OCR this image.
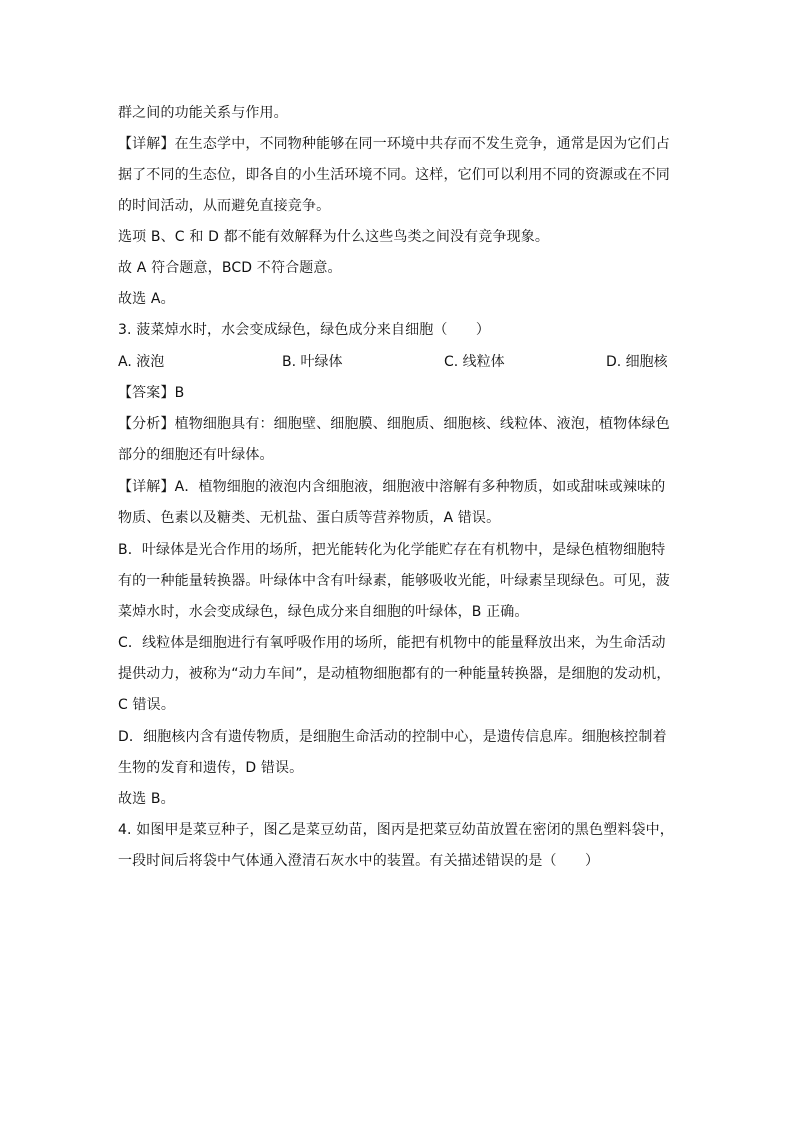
群之间的功能关系与作用。
【详解】在生态学中，不同物种能够在同一环境中共存而不发生竞争，通常是因为它们占
据了不同的生态位，即各自的小生活环境不同。这样，它们可以利用不同的资源或在不同
的时间活动，从而避免直接竞争。
选项 B、C 和 D 都不能有效解释为什么这些鸟类之间没有竞争现象。
故 A 符合题意，BCD 不符合题意。
故选 A。
3. 菠菜焯水时，水会变成绿色，绿色成分来自细胞（　　）
A. 液泡	B. 叶绿体	C. 线粒体	D. 细胞核
【答案】B
【分析】植物细胞具有：细胞壁、细胞膜、细胞质、细胞核、线粒体、液泡，植物体绿色
部分的细胞还有叶绿体。
【详解】A．植物细胞的液泡内含细胞液，细胞液中溶解有多种物质，如或甜味或辣味的
物质、色素以及糖类、无机盐、蛋白质等营养物质，A 错误。
B．叶绿体是光合作用的场所，把光能转化为化学能贮存在有机物中，是绿色植物细胞特
有的一种能量转换器。叶绿体中含有叶绿素，能够吸收光能，叶绿素呈现绿色。可见，菠
菜焯水时，水会变成绿色，绿色成分来自细胞的叶绿体，B 正确。
C．线粒体是细胞进行有氧呼吸作用的场所，能把有机物中的能量释放出来，为生命活动
提供动力，被称为“动力车间”，是动植物细胞都有的一种能量转换器，是细胞的发动机，
C 错误。
D．细胞核内含有遗传物质，是细胞生命活动的控制中心，是遗传信息库。细胞核控制着
生物的发育和遗传，D 错误。
故选 B。
4. 如图甲是菜豆种子，图乙是菜豆幼苗，图丙是把菜豆幼苗放置在密闭的黑色塑料袋中，
一段时间后将袋中气体通入澄清石灰水中的装置。有关描述错误的是（　　）
